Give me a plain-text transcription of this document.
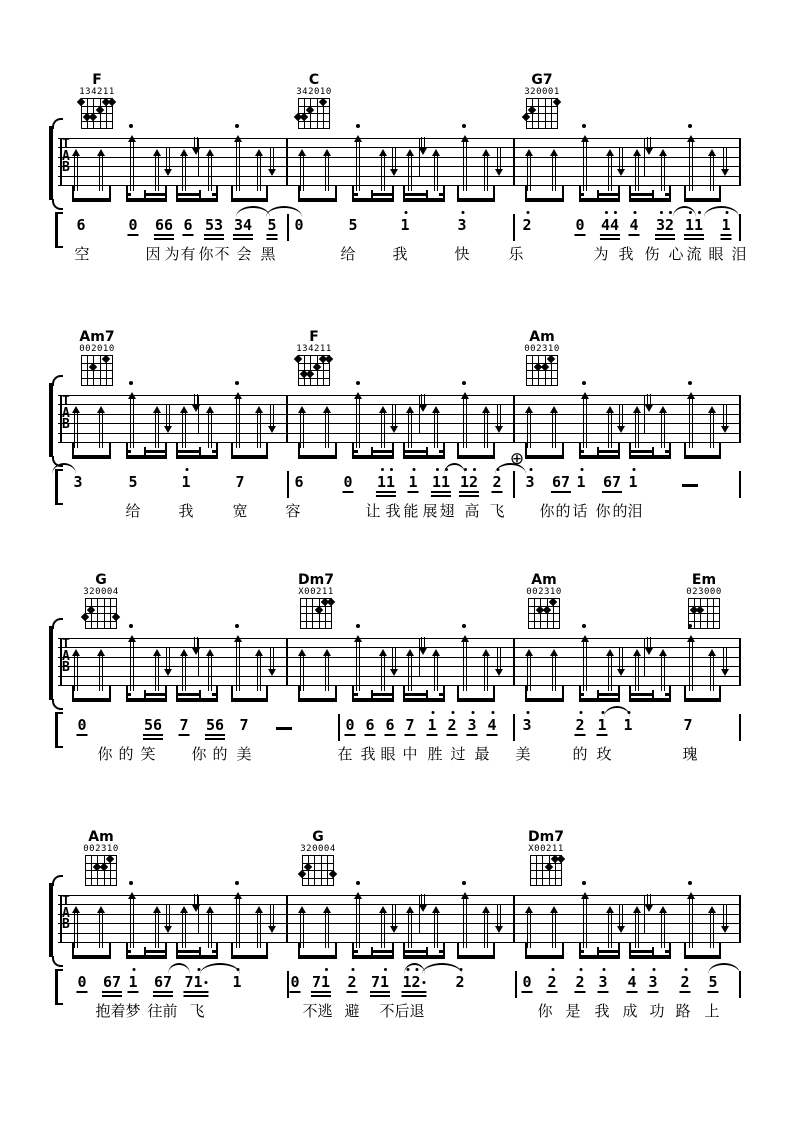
T
A
B
F
134211
C
342010
G7
320001
6	0 66 6 53 34 5 0	5	1	3	2	0 4
4 4 3
2 1
1 1
空	因 为 有 你 不 会 黑	给 我	快	乐	为 我 伤 心 流 眼 泪
T
A
B
Am7
002010
F
134211
Am
002310
3	5	1	7	6	0 1
1 1 1
1 1
2 2 3 67 1 67 1
⊕
给	我	宽	容	让 我 能 展 翅 高 飞 你 的 话 你 的 泪
T
A
B
G
320004
Dm7
X00211
Am
002310
Em
023000
0	56 7 56 7	0 6 6 7 1 2 3 4 3	2 1 1	7
你 的 笑 你 的 美	在 我 眼 中 胜 过 最 美	的 玫	瑰
T
A
B
Am
002310
G
320004
Dm7
X00211
0 67 1 67 71	1	0 71 2 71 1
2	2	0 2 2 3 4 3 2 5
抱 着 梦 往 前 飞	不 逃 避 不 后 退	你 是 我 成 功 路 上
